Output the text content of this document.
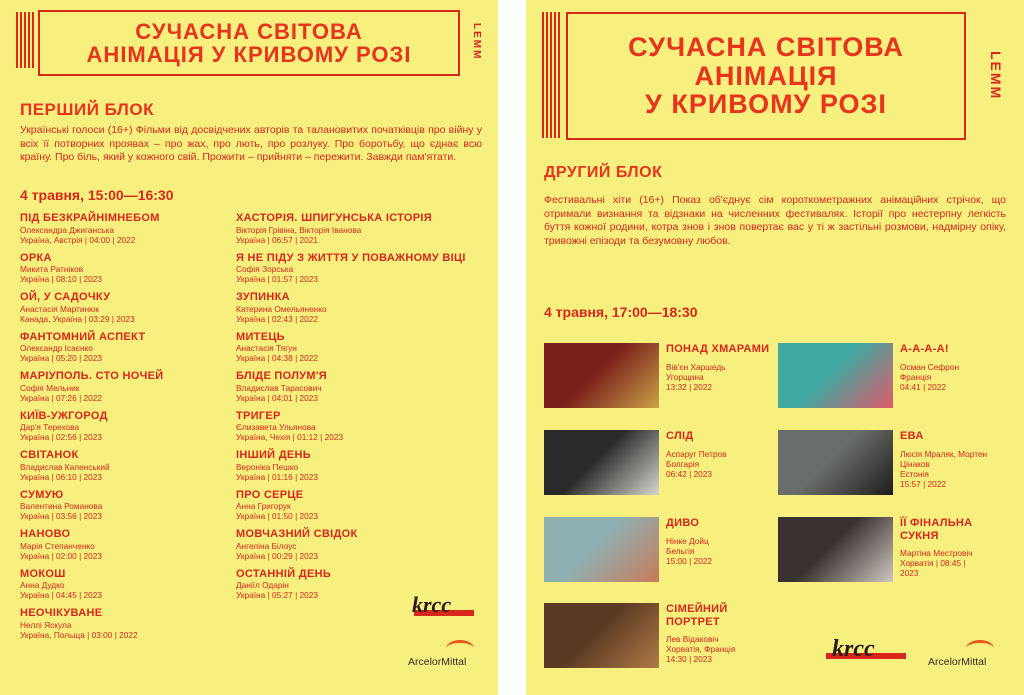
СУЧАСНА СВІТОВА
АНІМАЦІЯ У КРИВОМУ РОЗІ	LEMM
ПЕРШИЙ БЛОК
Українські голоси (16+) Фільми від досвідчених авторів та талановитих початківців про війну у всіх її потворних проявах – про жах, про лють, про розлуку. Про боротьбу, що єднає всю країну. Про біль, який у кожного свій. Прожити – прийняти – пережити. Завжди пам'ятати.
4 травня, 15:00—16:30
ПІД БЕЗКРАЙНІМНЕБОМ
Олександра Джиганська
Україна, Австрія | 04:00 | 2022
ОРКА
Микита Ратніков
Україна | 08:10 | 2023
ОЙ, У САДОЧКУ
Анастасія Мартинюк
Канада, Україна | 03:29 | 2023
ФАНТОМНИЙ АСПЕКТ
Олександр Ісаєнко
Україна | 05:20 | 2023
МАРІУПОЛЬ. СТО НОЧЕЙ
Софія Мельник
Україна | 07:26 | 2022
КИЇВ-УЖГОРОД
Дар'я Терехова
Україна | 02:56 | 2023
СВІТАНОК
Владислав Каленський
Україна | 06:10 | 2023
СУМУЮ
Валентина Романова
Україна | 03:56 | 2023
НАНОВО
Марія Степанченко
Україна | 02:00 | 2023
МОКОШ
Анна Дудко
Україна | 04:45 | 2023
НЕОЧІКУВАНЕ
Неллі Яскула
Україна, Польща | 03:00 | 2022
ХАСТОРІЯ. ШПИГУНСЬКА ІСТОРІЯ
Вікторія Грівіна, Вікторія Іванова
Україна | 06:57 | 2021
Я НЕ ПІДУ З ЖИТТЯ У ПОВАЖНОМУ ВІЦІ
Софія Зорська
Україна | 01:57 | 2023
ЗУПИНКА
Катерина Омельяненко
Україна | 02:43 | 2022
МИТЕЦЬ
Анастасія Тягун
Україна | 04:38 | 2022
БЛІДЕ ПОЛУМ'Я
Владислав Тарасович
Україна | 04:01 | 2023
ТРИГЕР
Єлизавета Ульянова
Україна, Чехія | 01:12 | 2023
ІНШИЙ ДЕНЬ
Вероніка Пешко
Україна | 01:16 | 2023
ПРО СЕРЦЕ
Анна Григорук
Україна | 01:50 | 2023
МОВЧАЗНИЙ СВІДОК
Ангеліна Білоус
Україна | 00:29 | 2023
ОСТАННІЙ ДЕНЬ
Даніїл Одарін
Україна | 05:27 | 2023	krcc
ArcelorMittal
СУЧАСНА СВІТОВА
АНІМАЦІЯ
У КРИВОМУ РОЗІ
LEMM
ДРУГИЙ БЛОК
Фестивальні хіти (16+) Показ об'єднує сім короткометражних анімаційних стрічок, що отримали визнання та відзнаки на численних фестивалях. Історії про нестерпну легкість буття кожної родини, котра знов і знов повертає вас у ті ж застільні розмови, надмірну опіку, тривожні епізоди та безумовну любов.
4 травня, 17:00—18:30
ПОНАД ХМАРАМИ
Вів'єн Харшедь
Угорщина
13:32 | 2022
А-А-А-А!
Осман Сефрон
Франція
04:41 | 2022
СЛІД
Аспаруг Петров
Болгарія
06:42 | 2023
ЕВА
Люсія Мраляк, Мортен Цінаков
Естонія
15:57 | 2022
ДИВО
Нінке Дойц
Бельгія
15:00 | 2022
ЇЇ ФІНАЛЬНА СУКНЯ
Мартіна Местровіч
Хорватія | 08:45 |
2023
СІМЕЙНИЙ ПОРТРЕТ
Лев Відаковіч
Хорватія, Франція
14:30 | 2023	krcc	ArcelorMittal
